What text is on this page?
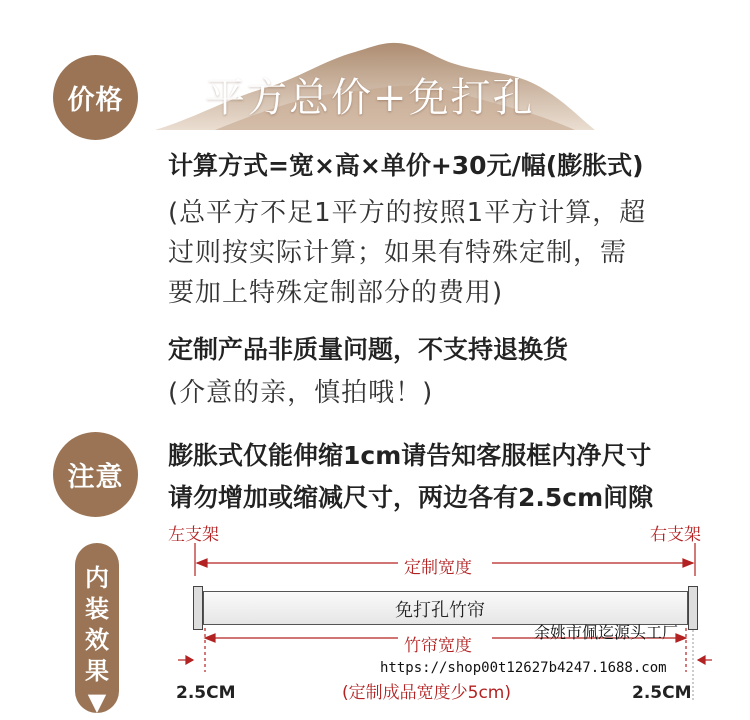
价格	平方总价+免打孔
计算方式=宽×高×单价+30元/幅(膨胀式)
(总平方不足1平方的按照1平方计算，超
过则按实际计算；如果有特殊定制，需
要加上特殊定制部分的费用)
定制产品非质量问题，不支持退换货
(介意的亲，慎拍哦！)
注意
膨胀式仅能伸缩1cm请告知客服框内净尺寸
请勿增加或缩减尺寸，两边各有2.5cm间隙
内
装
效
果
▼
左支架	右支架
定制宽度
免打孔竹帘
竹帘宽度
2.5CM	2.5CM
(定制成品宽度少5cm)
余姚市佩迄源头工厂
https://shop00t12627b4247.1688.com
